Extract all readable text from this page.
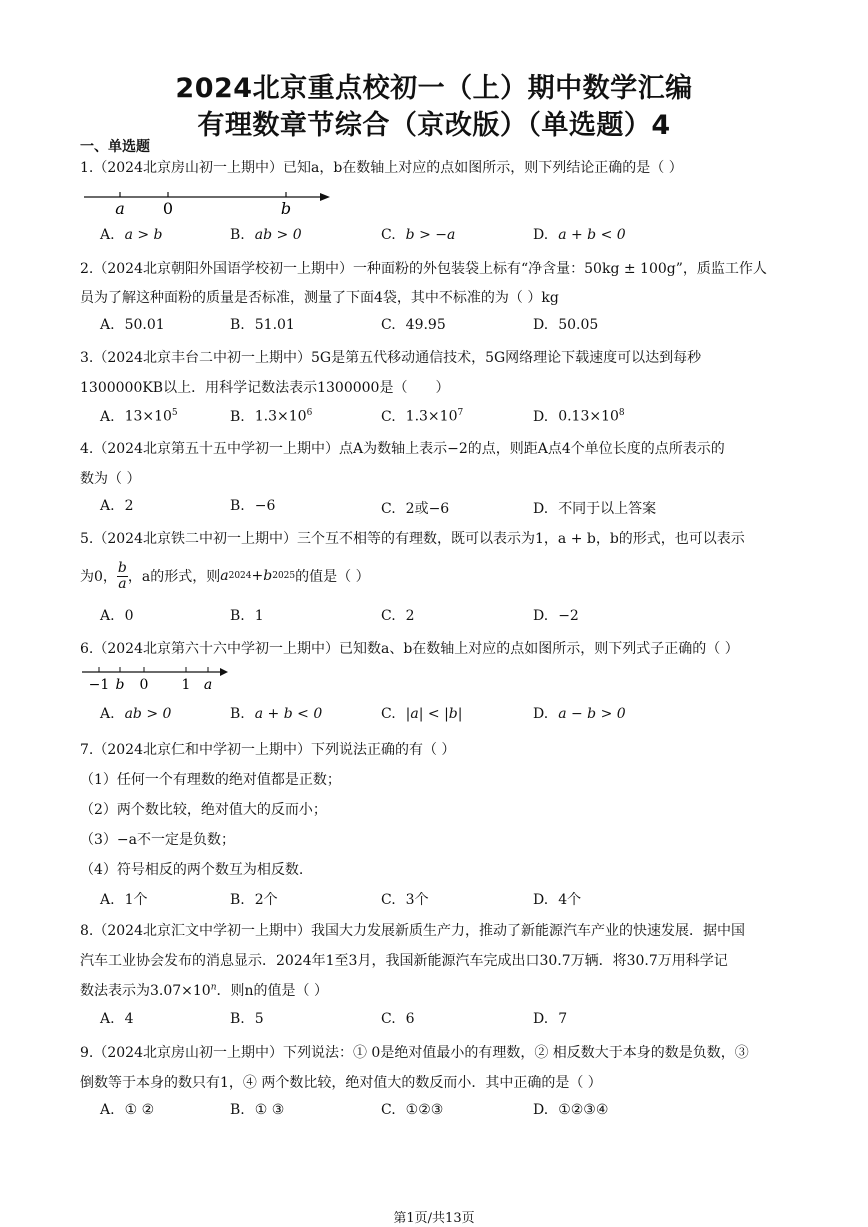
2024北京重点校初一（上）期中数学汇编
有理数章节综合（京改版）（单选题）4
一、单选题
1.（2024北京房山初一上期中）已知a，b在数轴上对应的点如图所示，则下列结论正确的是（ ）
a 0	b
A. a > b	B. ab > 0	C. b > −a	D. a + b < 0
2.（2024北京朝阳外国语学校初一上期中）一种面粉的外包装袋上标有“净含量：50kg ± 100g”，质监工作人
员为了解这种面粉的质量是否标准，测量了下面4袋，其中不标准的为（ ）kg
A. 50.01	B. 51.01	C. 49.95	D. 50.05
3.（2024北京丰台二中初一上期中）5G是第五代移动通信技术，5G网络理论下载速度可以达到每秒
1300000KB以上．用科学记数法表示1300000是（　　）
A. $13\times 10^5$	B. $1.3\times 10^6$	C. $1.3\times 10^7$	D. $0.13\times 10^8$
4.（2024北京第五十五中学初一上期中）点A为数轴上表示−2的点，则距A点4个单位长度的点所表示的
数为（ ）
A. 2	B. −6	C. 2或−6	D. 不同于以上答案
5.（2024北京铁二中初一上期中）三个互不相等的有理数，既可以表示为1，a + b，b的形式，也可以表示
为0， $\frac{b}{a}$ ，a的形式，则 a 2024 + b 2025 的值是（ ）
A. 0	B. 1	C. 2	D. −2
6.（2024北京第六十六中学初一上期中）已知数a、b在数轴上对应的点如图所示，则下列式子正确的（ ）
−1 b 0 1 a
A. ab > 0	B. a + b < 0	C. |a| < |b|	D. a − b > 0
7.（2024北京仁和中学初一上期中）下列说法正确的有（ ）
（1）任何一个有理数的绝对值都是正数；
（2）两个数比较，绝对值大的反而小；
（3）−a不一定是负数；
（4）符号相反的两个数互为相反数.
A. 1个	B. 2个	C. 3个	D. 4个
8.（2024北京汇文中学初一上期中）我国大力发展新质生产力，推动了新能源汽车产业的快速发展．据中国
汽车工业协会发布的消息显示．2024年1至3月，我国新能源汽车完成出口30.7万辆．将30.7万用科学记
数法表示为$3.07\times 10^n$．则n的值是（ ）
A. 4	B. 5	C. 6	D. 7
9.（2024北京房山初一上期中）下列说法：① 0是绝对值最小的有理数，② 相反数大于本身的数是负数，③
倒数等于本身的数只有1，④ 两个数比较，绝对值大的数反而小．其中正确的是（ ）
A. ① ②	B. ① ③	C. ①②③	D. ①②③④
第1页/共13页
